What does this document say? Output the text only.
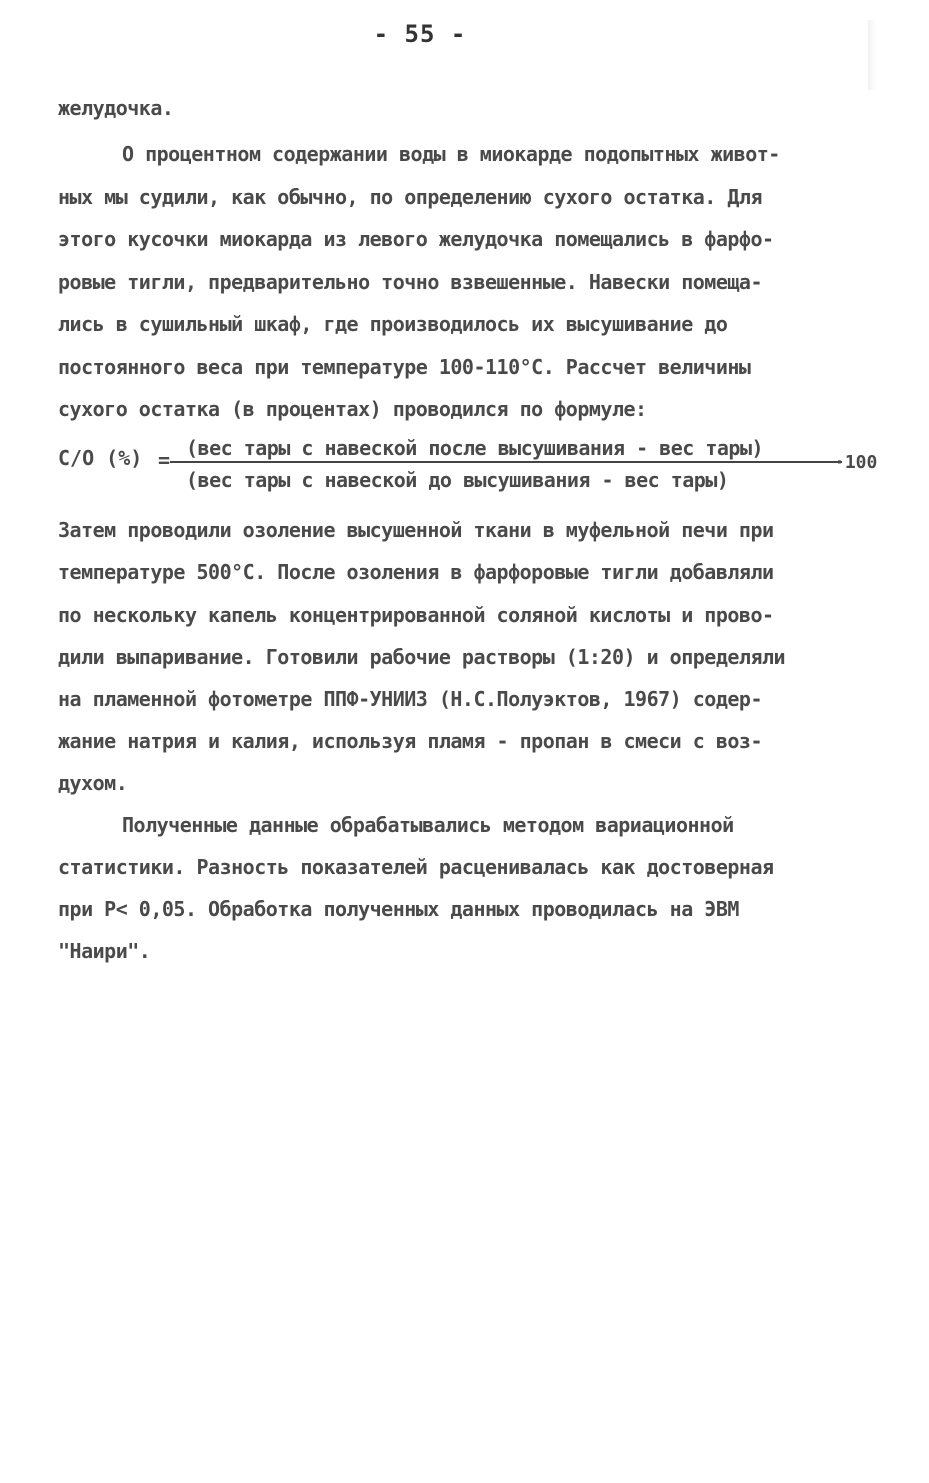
- 55 -
желудочка.
О процентном содержании воды в миокарде подопытных живот-
ных мы судили, как обычно, по определению сухого остатка. Для
этого кусочки миокарда из левого желудочка помещались в фарфо-
ровые тигли, предварительно точно взвешенные. Навески помеща-
лись в сушильный шкаф, где производилось их высушивание до
постоянного веса при температуре 100-110°С. Рассчет величины
сухого остатка (в процентах) проводился по формуле:
С/О (%) = (вес тары с навеской после высушивания - вес тары)
(вес тары с навеской до высушивания - вес тары)
·100
Затем проводили озоление высушенной ткани в муфельной печи при
температуре 500°С. После озоления в фарфоровые тигли добавляли
по нескольку капель концентрированной соляной кислоты и прово-
дили выпаривание. Готовили рабочие растворы (1:20) и определяли
на пламенной фотометре ППФ-УНИИЗ (Н.С.Полуэктов, 1967) содер-
жание натрия и калия, используя пламя - пропан в смеси с воз-
духом.
Полученные данные обрабатывались методом вариационной
статистики. Разность показателей расценивалась как достоверная
при Р< 0,05. Обработка полученных данных проводилась на ЭВМ
"Наири".
